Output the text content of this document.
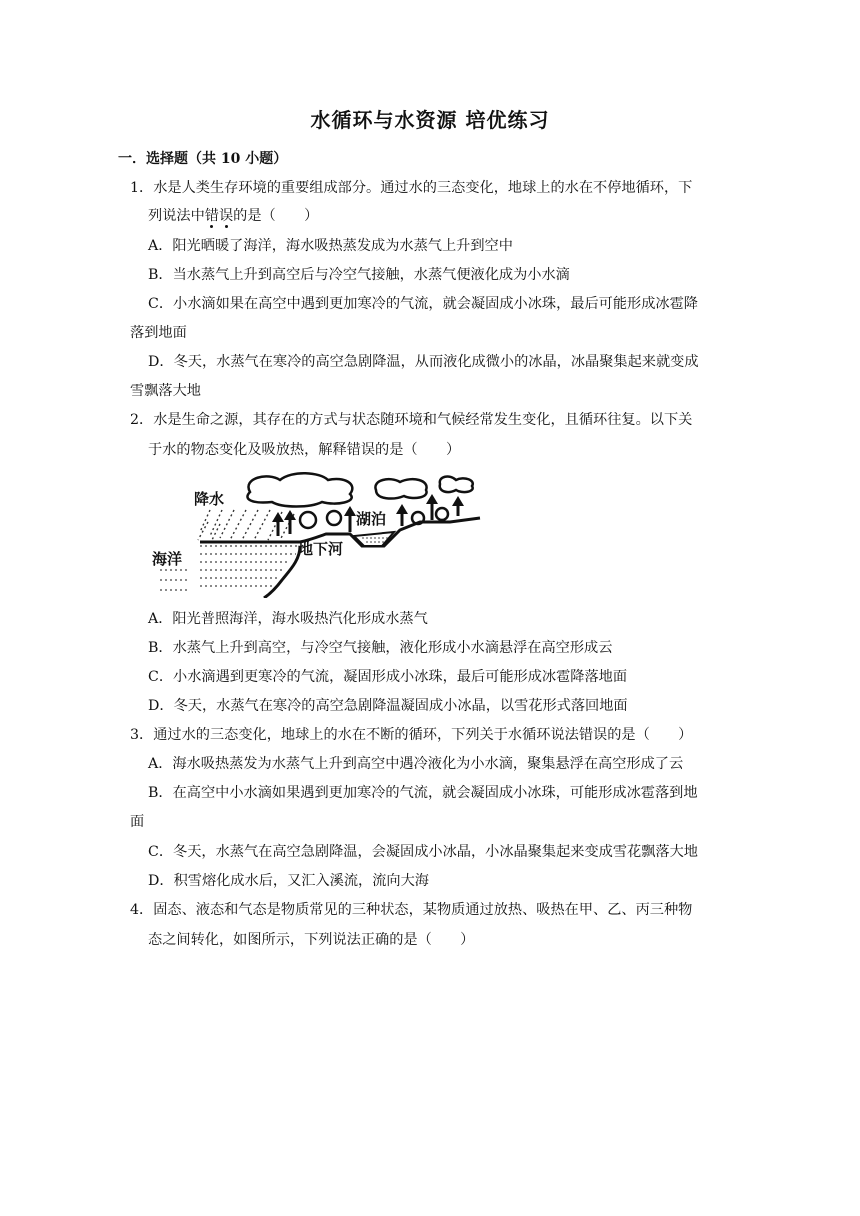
水循环与水资源 培优练习
一．选择题（共 10 小题）
1．水是人类生存环境的重要组成部分。通过水的三态变化，地球上的水在不停地循环，下
列说法中错误的是（　　）
A．阳光晒暖了海洋，海水吸热蒸发成为水蒸气上升到空中
B．当水蒸气上升到高空后与冷空气接触，水蒸气便液化成为小水滴
C．小水滴如果在高空中遇到更加寒冷的气流，就会凝固成小冰珠，最后可能形成冰雹降
落到地面
D．冬天，水蒸气在寒冷的高空急剧降温，从而液化成微小的冰晶，冰晶聚集起来就变成
雪飘落大地
2．水是生命之源，其存在的方式与状态随环境和气候经常发生变化，且循环往复。以下关
于水的物态变化及吸放热，解释错误的是（　　）
降水
湖泊
海洋
地下河
A．阳光普照海洋，海水吸热汽化形成水蒸气
B．水蒸气上升到高空，与冷空气接触，液化形成小水滴悬浮在高空形成云
C．小水滴遇到更寒冷的气流，凝固形成小冰珠，最后可能形成冰雹降落地面
D．冬天，水蒸气在寒冷的高空急剧降温凝固成小冰晶，以雪花形式落回地面
3．通过水的三态变化，地球上的水在不断的循环，下列关于水循环说法错误的是（　　）
A．海水吸热蒸发为水蒸气上升到高空中遇冷液化为小水滴，聚集悬浮在高空形成了云
B．在高空中小水滴如果遇到更加寒冷的气流，就会凝固成小冰珠，可能形成冰雹落到地
面
C．冬天，水蒸气在高空急剧降温，会凝固成小冰晶，小冰晶聚集起来变成雪花飘落大地
D．积雪熔化成水后，又汇入溪流，流向大海
4．固态、液态和气态是物质常见的三种状态，某物质通过放热、吸热在甲、乙、丙三种物
态之间转化，如图所示，下列说法正确的是（　　）
